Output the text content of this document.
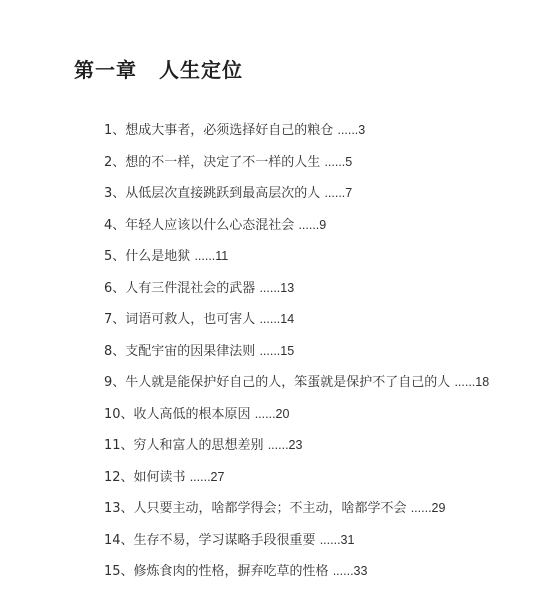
第一章 人生定位
1、想成大事者，必须选择好自己的粮仓 ......3
2、想的不一样，决定了不一样的人生 ......5
3、从低层次直接跳跃到最高层次的人 ......7
4、年轻人应该以什么心态混社会 ......9
5、什么是地狱 ......11
6、人有三件混社会的武器 ......13
7、词语可救人，也可害人 ......14
8、支配宇宙的因果律法则 ......15
9、牛人就是能保护好自己的人，笨蛋就是保护不了自己的人 ......18
10、收人高低的根本原因 ......20
11、穷人和富人的思想差别 ......23
12、如何读书 ......27
13、人只要主动，啥都学得会；不主动，啥都学不会 ......29
14、生存不易，学习谋略手段很重要 ......31
15、修炼食肉的性格，摒弃吃草的性格 ......33
